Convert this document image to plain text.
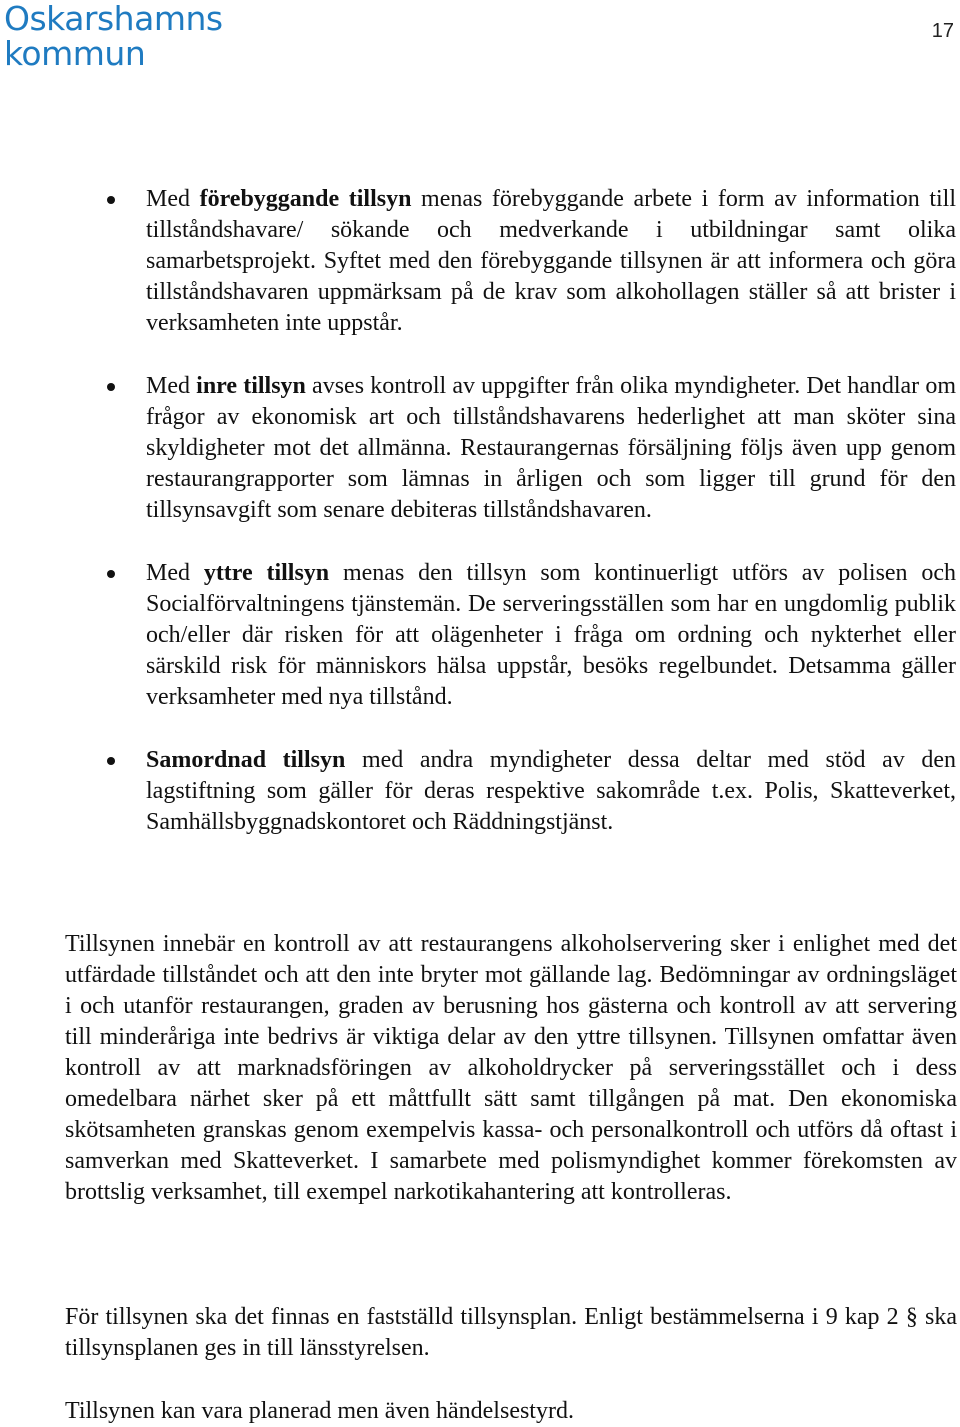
Oskarshamns
kommun
17
Med förebyggande tillsyn menas förebyggande arbete i form av information till tillståndshavare/ sökande och medverkande i utbildningar samt olika samarbetsprojekt. Syftet med den förebyggande tillsynen är att informera och göra tillståndshavaren uppmärksam på de krav som alkohollagen ställer så att brister i verksamheten inte uppstår.
Med inre tillsyn avses kontroll av uppgifter från olika myndigheter. Det handlar om frågor av ekonomisk art och tillståndshavarens hederlighet att man sköter sina skyldigheter mot det allmänna. Restaurangernas försäljning följs även upp genom restaurangrapporter som lämnas in årligen och som ligger till grund för den tillsynsavgift som senare debiteras tillståndshavaren.
Med yttre tillsyn menas den tillsyn som kontinuerligt utförs av polisen och Socialförvaltningens tjänstemän. De serveringsställen som har en ungdomlig publik och/eller där risken för att olägenheter i fråga om ordning och nykterhet eller särskild risk för människors hälsa uppstår, besöks regelbundet. Detsamma gäller verksamheter med nya tillstånd.
Samordnad tillsyn med andra myndigheter dessa deltar med stöd av den lagstiftning som gäller för deras respektive sakområde t.ex. Polis, Skatteverket, Samhällsbyggnadskontoret och Räddningstjänst.

Tillsynen innebär en kontroll av att restaurangens alkoholservering sker i enlighet med det utfärdade tillståndet och att den inte bryter mot gällande lag. Bedömningar av ordningsläget i och utanför restaurangen, graden av berusning hos gästerna och kontroll av att servering till minderåriga inte bedrivs är viktiga delar av den yttre tillsynen. Tillsynen omfattar även kontroll av att marknadsföringen av alkoholdrycker på serveringsstället och i dess omedelbara närhet sker på ett måttfullt sätt samt tillgången på mat. Den ekonomiska skötsamheten granskas genom exempelvis kassa- och personalkontroll och utförs då oftast i samverkan med Skatteverket. I samarbete med polismyndighet kommer förekomsten av brottslig verksamhet, till exempel narkotikahantering att kontrolleras.

För tillsynen ska det finnas en fastställd tillsynsplan. Enligt bestämmelserna i 9 kap 2 § ska tillsynsplanen ges in till länsstyrelsen.

Tillsynen kan vara planerad men även händelsestyrd.
